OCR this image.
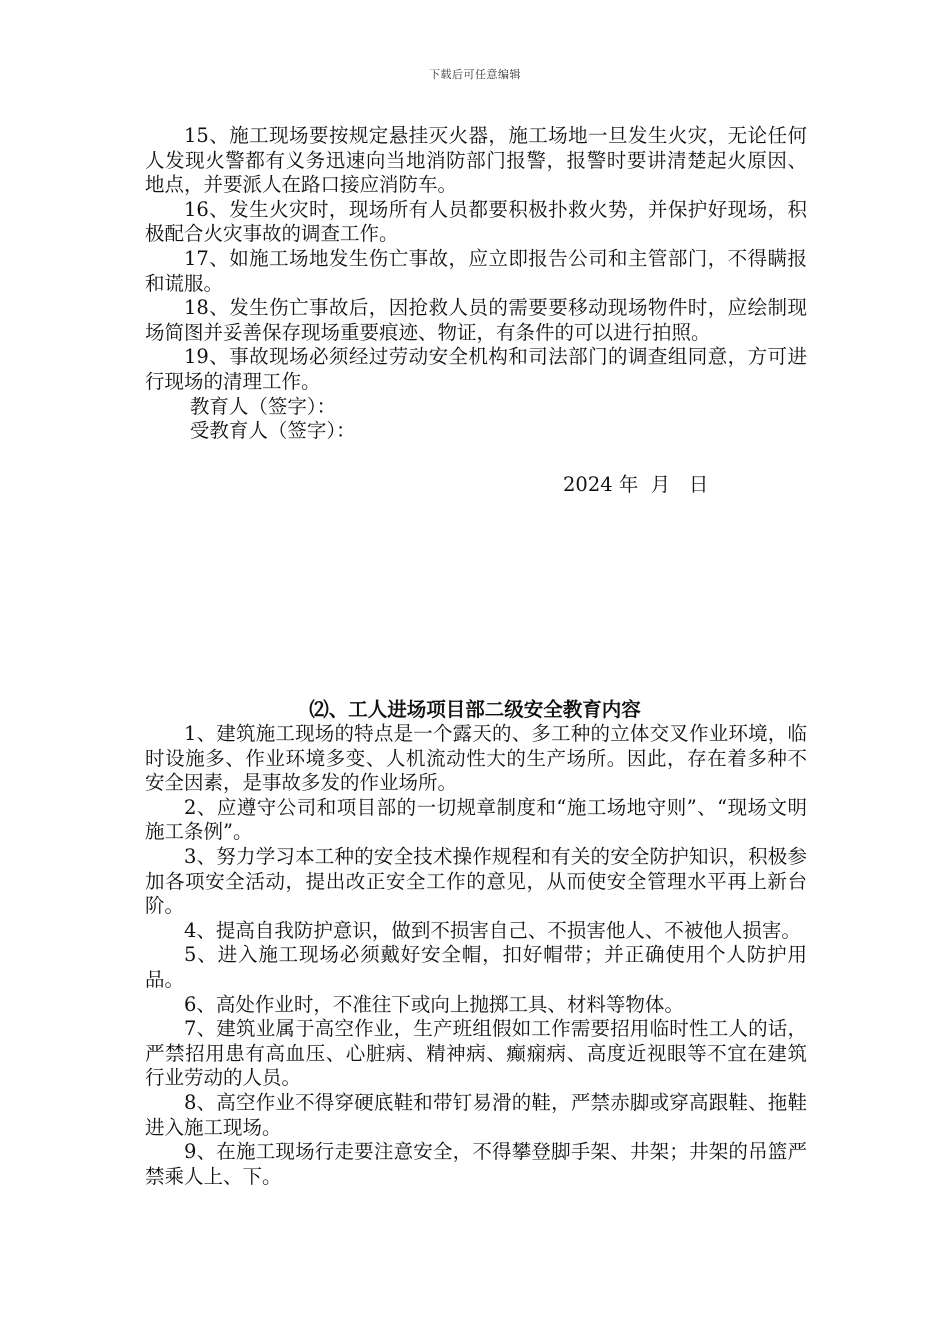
下载后可任意编辑

15、施工现场要按规定悬挂灭火器，施工场地一旦发生火灾，无论任何人发现火警都有义务迅速向当地消防部门报警，报警时要讲清楚起火原因、地点，并要派人在路口接应消防车。

16、发生火灾时，现场所有人员都要积极扑救火势，并保护好现场，积极配合火灾事故的调查工作。

17、如施工场地发生伤亡事故，应立即报告公司和主管部门，不得瞒报和谎服。

18、发生伤亡事故后，因抢救人员的需要要移动现场物件时，应绘制现场简图并妥善保存现场重要痕迹、物证，有条件的可以进行拍照。

19、事故现场必须经过劳动安全机构和司法部门的调查组同意，方可进行现场的清理工作。

教育人（签字）：

受教育人（签字）：

2024 年  月   日
⑵、工人进场项目部二级安全教育内容

1、建筑施工现场的特点是一个露天的、多工种的立体交叉作业环境，临时设施多、作业环境多变、人机流动性大的生产场所。因此，存在着多种不安全因素，是事故多发的作业场所。

2、应遵守公司和项目部的一切规章制度和“施工场地守则”、“现场文明施工条例”。

3、努力学习本工种的安全技术操作规程和有关的安全防护知识，积极参加各项安全活动，提出改正安全工作的意见，从而使安全管理水平再上新台阶。

4、提高自我防护意识，做到不损害自己、不损害他人、不被他人损害。

5、进入施工现场必须戴好安全帽，扣好帽带；并正确使用个人防护用品。

6、高处作业时，不准往下或向上抛掷工具、材料等物体。

7、建筑业属于高空作业，生产班组假如工作需要招用临时性工人的话，严禁招用患有高血压、心脏病、精神病、癫痫病、高度近视眼等不宜在建筑行业劳动的人员。

8、高空作业不得穿硬底鞋和带钉易滑的鞋，严禁赤脚或穿高跟鞋、拖鞋进入施工现场。

9、在施工现场行走要注意安全，不得攀登脚手架、井架；井架的吊篮严禁乘人上、下。
